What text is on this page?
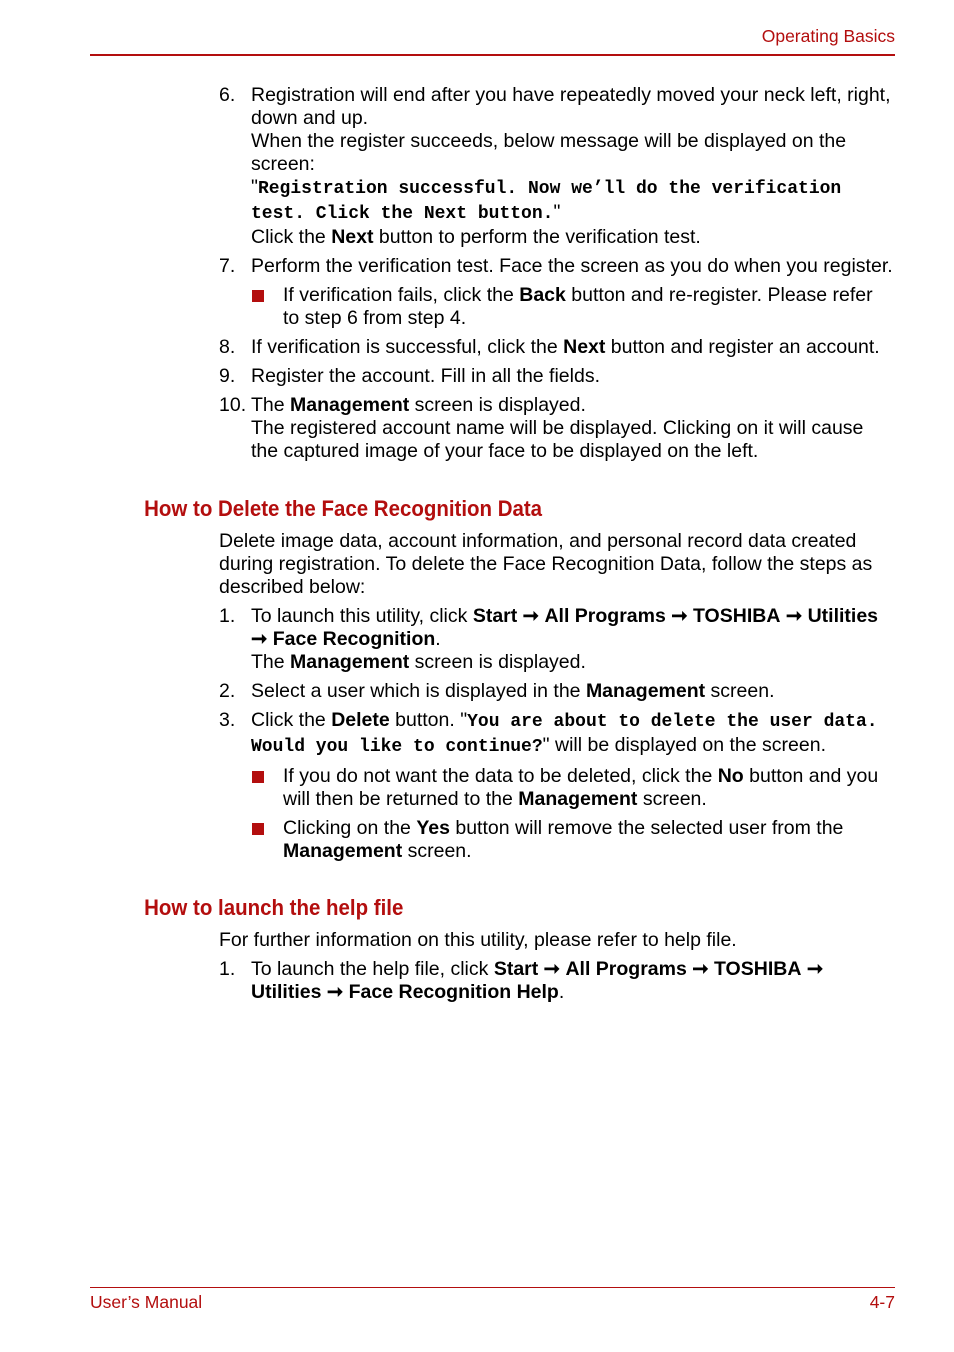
Operating Basics
6. Registration will end after you have repeatedly moved your neck left, right, down and up.
When the register succeeds, below message will be displayed on the screen:
"Registration successful. Now we’ll do the verification test. Click the Next button."
Click the Next button to perform the verification test.
7. Perform the verification test. Face the screen as you do when you register.
If verification fails, click the Back button and re-register. Please refer to step 6 from step 4.
8. If verification is successful, click the Next button and register an account.
9. Register the account. Fill in all the fields.
10. The Management screen is displayed.
The registered account name will be displayed. Clicking on it will cause the captured image of your face to be displayed on the left.
How to Delete the Face Recognition Data
Delete image data, account information, and personal record data created during registration. To delete the Face Recognition Data, follow the steps as described below:
1. To launch this utility, click Start ➞ All Programs ➞ TOSHIBA ➞ Utilities ➞ Face Recognition.
The Management screen is displayed.
2. Select a user which is displayed in the Management screen.
3. Click the Delete button. "You are about to delete the user data. Would you like to continue?" will be displayed on the screen.
If you do not want the data to be deleted, click the No button and you will then be returned to the Management screen.
Clicking on the Yes button will remove the selected user from the Management screen.
How to launch the help file
For further information on this utility, please refer to help file.
1. To launch the help file, click Start ➞ All Programs ➞ TOSHIBA ➞ Utilities ➞ Face Recognition Help.
User’s Manual	4-7
